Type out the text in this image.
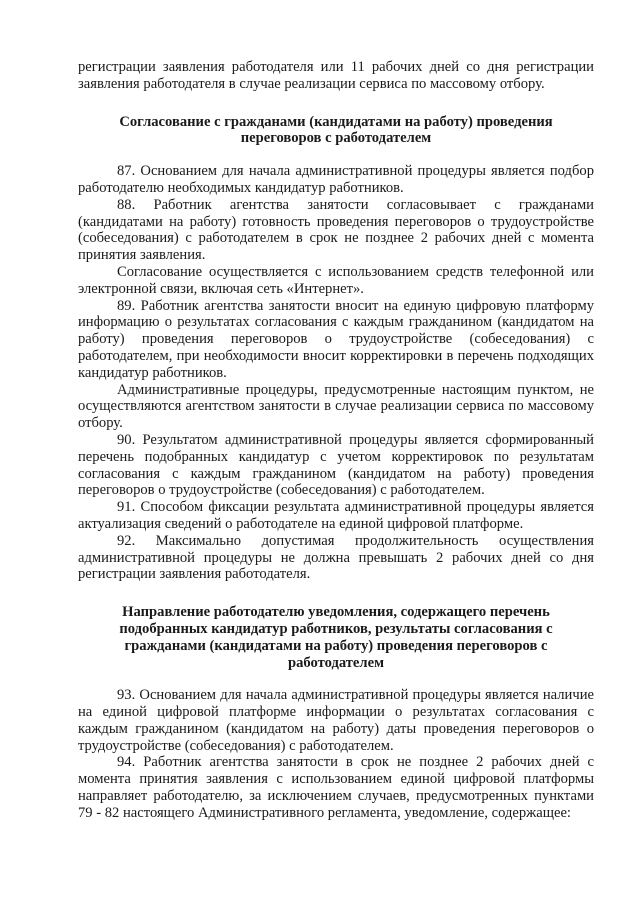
регистрации заявления работодателя или 11 рабочих дней со дня регистрации заявления работодателя в случае реализации сервиса по массовому отбору.

Согласование с гражданами (кандидатами на работу) проведения переговоров с работодателем

87. Основанием для начала административной процедуры является подбор работодателю необходимых кандидатур работников.

88. Работник агентства занятости согласовывает с гражданами (кандидатами на работу) готовность проведения переговоров о трудоустройстве (собеседования) с работодателем в срок не позднее 2 рабочих дней с момента принятия заявления.

Согласование осуществляется с использованием средств телефонной или электронной связи, включая сеть «Интернет».

89. Работник агентства занятости вносит на единую цифровую платформу информацию о результатах согласования с каждым гражданином (кандидатом на работу) проведения переговоров о трудоустройстве (собеседования) с работодателем, при необходимости вносит корректировки в перечень подходящих кандидатур работников.

Административные процедуры, предусмотренные настоящим пунктом, не осуществляются агентством занятости в случае реализации сервиса по массовому отбору.

90. Результатом административной процедуры является сформированный перечень подобранных кандидатур с учетом корректировок по результатам согласования с каждым гражданином (кандидатом на работу) проведения переговоров о трудоустройстве (собеседования) с работодателем.

91. Способом фиксации результата административной процедуры является актуализация сведений о работодателе на единой цифровой платформе.

92. Максимально допустимая продолжительность осуществления административной процедуры не должна превышать 2 рабочих дней со дня регистрации заявления работодателя.

Направление работодателю уведомления, содержащего перечень подобранных кандидатур работников, результаты согласования с гражданами (кандидатами на работу) проведения переговоров с работодателем

93. Основанием для начала административной процедуры является наличие на единой цифровой платформе информации о результатах согласования с каждым гражданином (кандидатом на работу) даты проведения переговоров о трудоустройстве (собеседования) с работодателем.

94. Работник агентства занятости в срок не позднее 2 рабочих дней с момента принятия заявления с использованием единой цифровой платформы направляет работодателю, за исключением случаев, предусмотренных пунктами 79 - 82 настоящего Административного регламента, уведомление, содержащее:
